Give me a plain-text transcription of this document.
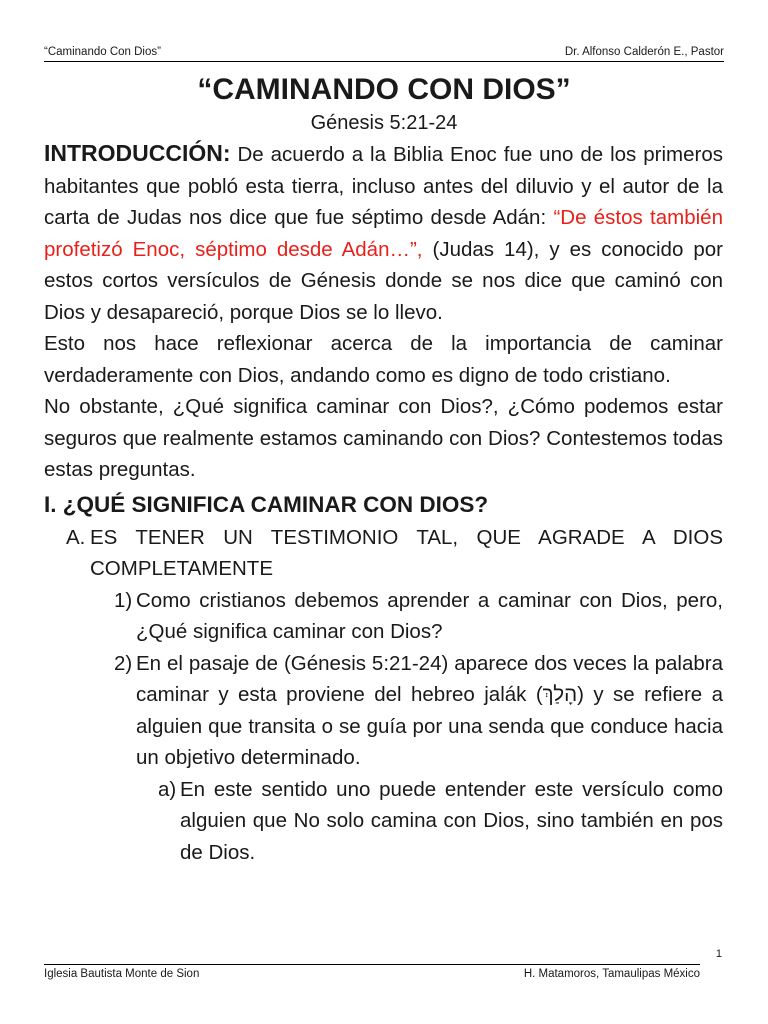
“Caminando Con Dios”	Dr. Alfonso Calderón E., Pastor
“CAMINANDO CON DIOS”
Génesis 5:21-24

INTRODUCCIÓN: De acuerdo a la Biblia Enoc fue uno de los primeros habitantes que pobló esta tierra, incluso antes del diluvio y el autor de la carta de Judas nos dice que fue séptimo desde Adán: “De éstos también profetizó Enoc, séptimo desde Adán…”, (Judas 14), y es conocido por estos cortos versículos de Génesis donde se nos dice que caminó con Dios y desapareció, porque Dios se lo llevo.

Esto nos hace reflexionar acerca de la importancia de caminar verdaderamente con Dios, andando como es digno de todo cristiano.

No obstante, ¿Qué significa caminar con Dios?, ¿Cómo podemos estar seguros que realmente estamos caminando con Dios? Contestemos todas estas preguntas.

I. ¿QUÉ SIGNIFICA CAMINAR CON DIOS?

A. ES TENER UN TESTIMONIO TAL, QUE AGRADE A DIOS COMPLETAMENTE
1) Como cristianos debemos aprender a caminar con Dios, pero, ¿Qué significa caminar con Dios?
2) En el pasaje de (Génesis 5:21-24) aparece dos veces la palabra caminar y esta proviene del hebreo jalák (הָלַךְ) y se refiere a alguien que transita o se guía por una senda que conduce hacia un objetivo determinado.
a) En este sentido uno puede entender este versículo como alguien que No solo camina con Dios, sino también en pos de Dios.
1
Iglesia Bautista Monte de Sion	H. Matamoros, Tamaulipas México
